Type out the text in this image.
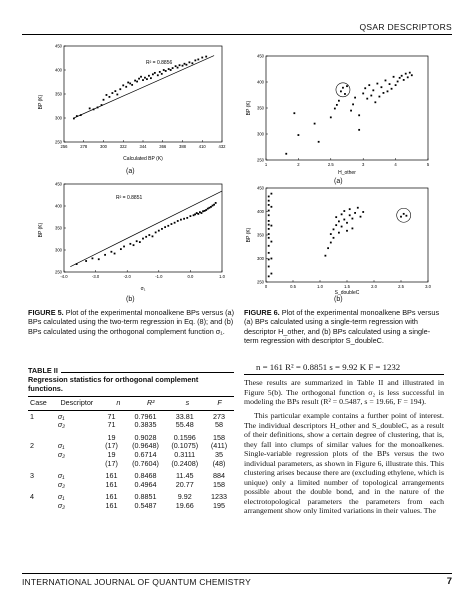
QSAR DESCRIPTORS
250
300
350
400
450
256	278	300	322	344	366	388	410	432
BP (K)
Calculated BP (K)
R² = 0.8856
(a)
250
300
350
400
450
-4.0	-3.0	-2.0	-1.0	0.0	1.0
BP (K)
σ₁
R² = 0.8851
(b)
FIGURE 5. Plot of the experimental monoalkene BPs versus (a) BPs calculated using the two-term regression in Eq. (8); and (b) BPs calculated using the orthogonal complement function σ₁.
250
300
350
400
450
1	2	2.5	3	4	5
BP (K)
H_other
(a)
250
300
350
400
450
0	0.5	1.0	1.5	2.0	2.5	3.0
BP (K)
S_doubleC
(b)
FIGURE 6. Plot of the experimental monoalkene BPs versus (a) BPs calculated using a single-term regression with descriptor H_other, and (b) BPs calculated using a single-term regression with descriptor S_doubleC.
TABLE II
Regression statistics for orthogonal complement functions.
Case	Descriptor	n	R²	s	F
1	σ₁	71	0.7961	33.81	273
	σ₂	71	0.3835	55.48	58
		19	0.9028	0.1596	158
2	σ₁	(17)	(0.9648)	(0.1075)	(411)
	σ₂	19	0.6714	0.3111	35
		(17)	(0.7604)	(0.2408)	(48)
3	σ₁	161	0.8468	11.45	884
	σ₂	161	0.4964	20.77	158
4	σ₁	161	0.8851	9.92	1233
	σ₂	161	0.5487	19.66	195
n = 161 R² = 0.8851 s = 9.92 K F = 1232
These results are summarized in Table II and illustrated in Figure 5(b). The orthogonal function σ₂ is less successful in modeling the BPs result (R² = 0.5487, s = 19.66, F = 194).
This particular example contains a further point of interest. The individual descriptors H_other and S_doubleC, as a result of their definitions, show a certain degree of clustering, that is, they fall into clumps of similar values for the monoalkenes. Single-variable regression plots of the BPs versus the two individual parameters, as shown in Figure 6, illustrate this. This clustering arises because there are (excluding ethylene, which is unique) only a limited number of topological arrangements possible about the double bond, and in the nature of the electrotopological parameters the parameters from each arrangement show only limited variations in their values. The
INTERNATIONAL JOURNAL OF QUANTUM CHEMISTRY	7
